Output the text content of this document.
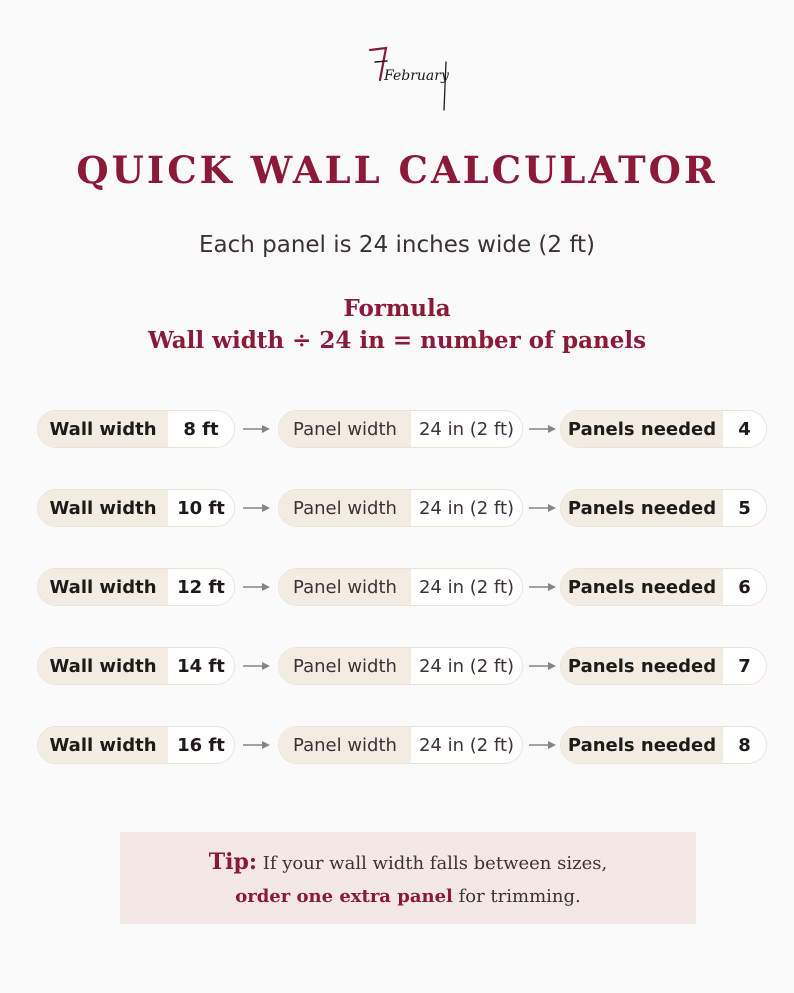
February
QUICK WALL CALCULATOR
Each panel is 24 inches wide (2 ft)
Formula
Wall width ÷ 24 in = number of panels
Wall width	8 ft	Panel width	24 in (2 ft)	Panels needed	4
Wall width	10 ft	Panel width	24 in (2 ft)	Panels needed	5
Wall width	12 ft	Panel width	24 in (2 ft)	Panels needed	6
Wall width	14 ft	Panel width	24 in (2 ft)	Panels needed	7
Wall width	16 ft	Panel width	24 in (2 ft)	Panels needed	8
Tip: If your wall width falls between sizes,
order one extra panel for trimming.
